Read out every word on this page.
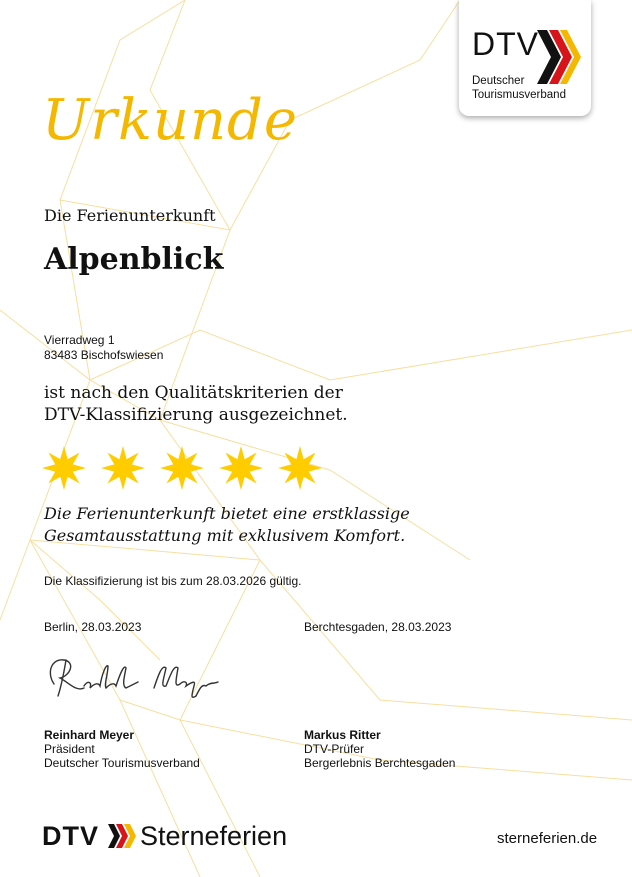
DTV
Deutscher
Tourismusverband
Urkunde
Die Ferienunterkunft
Alpenblick
Vierradweg 1
83483 Bischofswiesen
ist nach den Qualitätskriterien der
DTV-Klassifizierung ausgezeichnet.
Die Ferienunterkunft bietet eine erstklassige
Gesamtausstattung mit exklusivem Komfort.
Die Klassifizierung ist bis zum 28.03.2026 gültig.
Berlin, 28.03.2023	Berchtesgaden, 28.03.2023
Reinhard Meyer
Präsident
Deutscher Tourismusverband
Markus Ritter
DTV-Prüfer
Bergerlebnis Berchtesgaden
DTV Sterneferien	sterneferien.de
